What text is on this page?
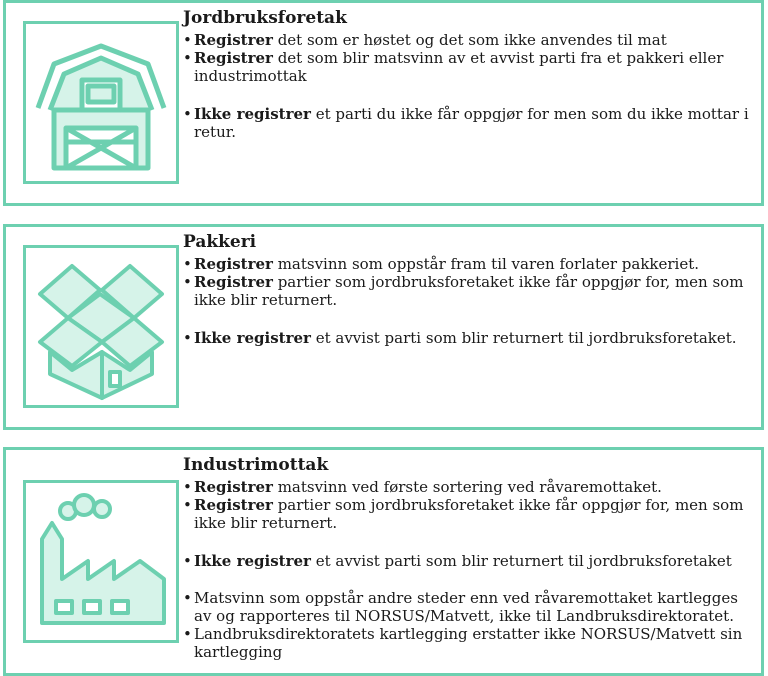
Jordbruksforetak
• Registrer det som er høstet og det som ikke anvendes til mat
• Registrer det som blir matsvinn av et avvist parti fra et pakkeri eller industrimottak
• Ikke registrer et parti du ikke får oppgjør for men som du ikke mottar i retur.
Pakkeri
• Registrer matsvinn som oppstår fram til varen forlater pakkeriet.
• Registrer partier som jordbruksforetaket ikke får oppgjør for, men som ikke blir returnert.
• Ikke registrer et avvist parti som blir returnert til jordbruksforetaket.
Industrimottak
• Registrer matsvinn ved første sortering ved råvaremottaket.
• Registrer partier som jordbruksforetaket ikke får oppgjør for, men som ikke blir returnert.
• Ikke registrer et avvist parti som blir returnert til jordbruksforetaket
• Matsvinn som oppstår andre steder enn ved råvaremottaket kartlegges av og rapporteres til NORSUS/Matvett, ikke til Landbruksdirektoratet.
• Landbruksdirektoratets kartlegging erstatter ikke NORSUS/Matvett sin kartlegging
